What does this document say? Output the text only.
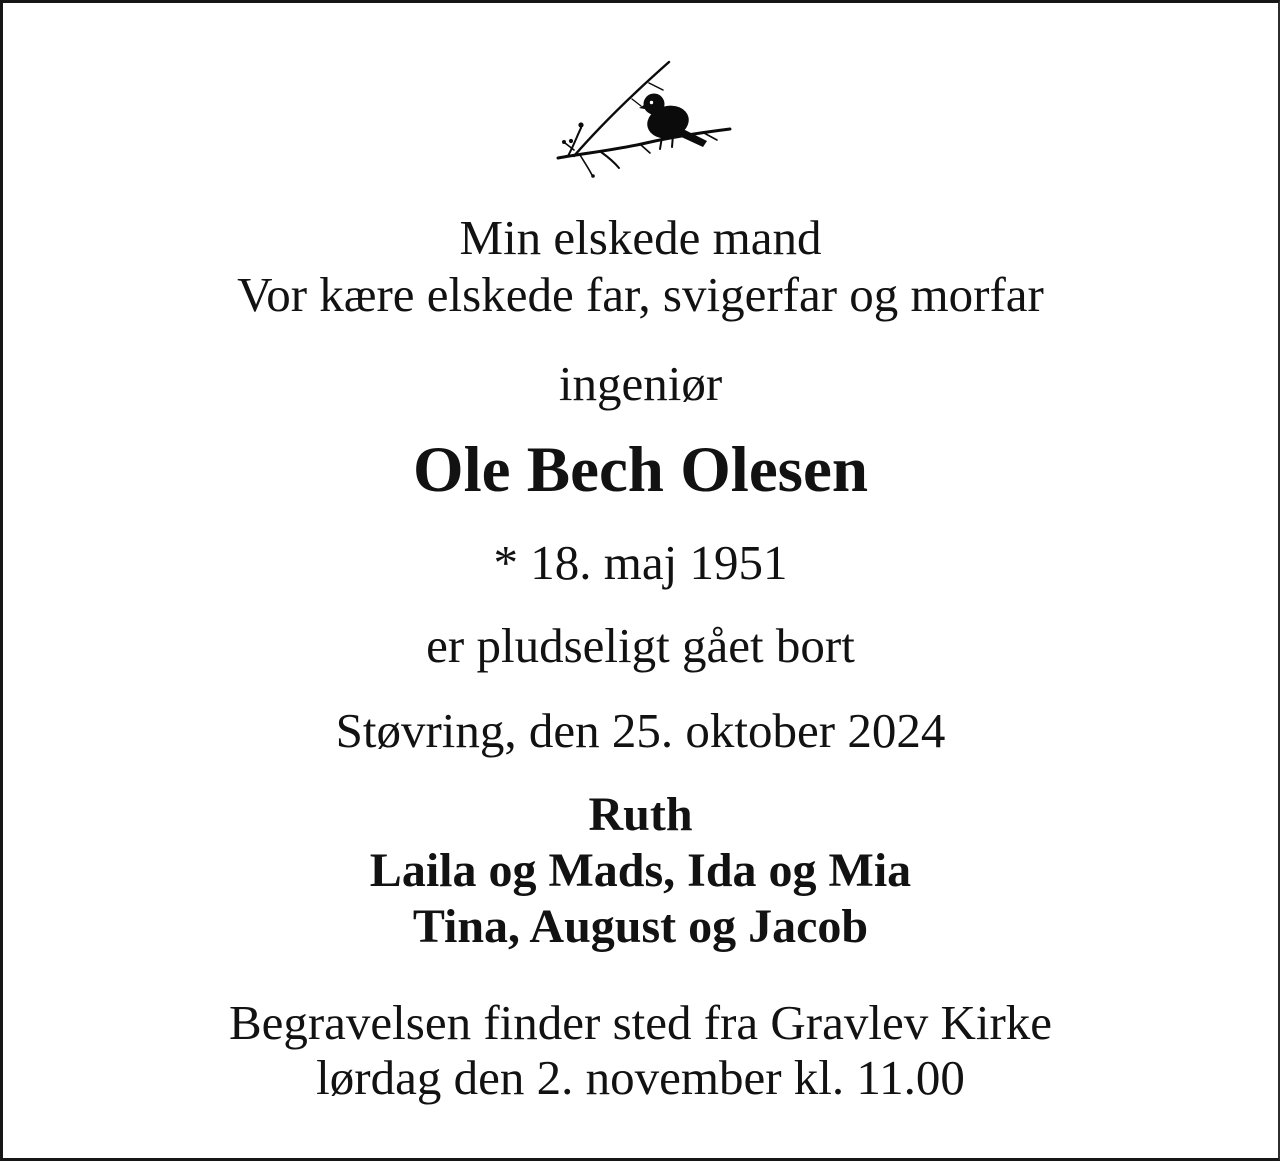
Min elskede mand
Vor kære elskede far, svigerfar og morfar
ingeniør
Ole Bech Olesen
* 18. maj 1951
er pludseligt gået bort
Støvring, den 25. oktober 2024
Ruth
Laila og Mads, Ida og Mia
Tina, August og Jacob
Begravelsen finder sted fra Gravlev Kirke
lørdag den 2. november kl. 11.00
